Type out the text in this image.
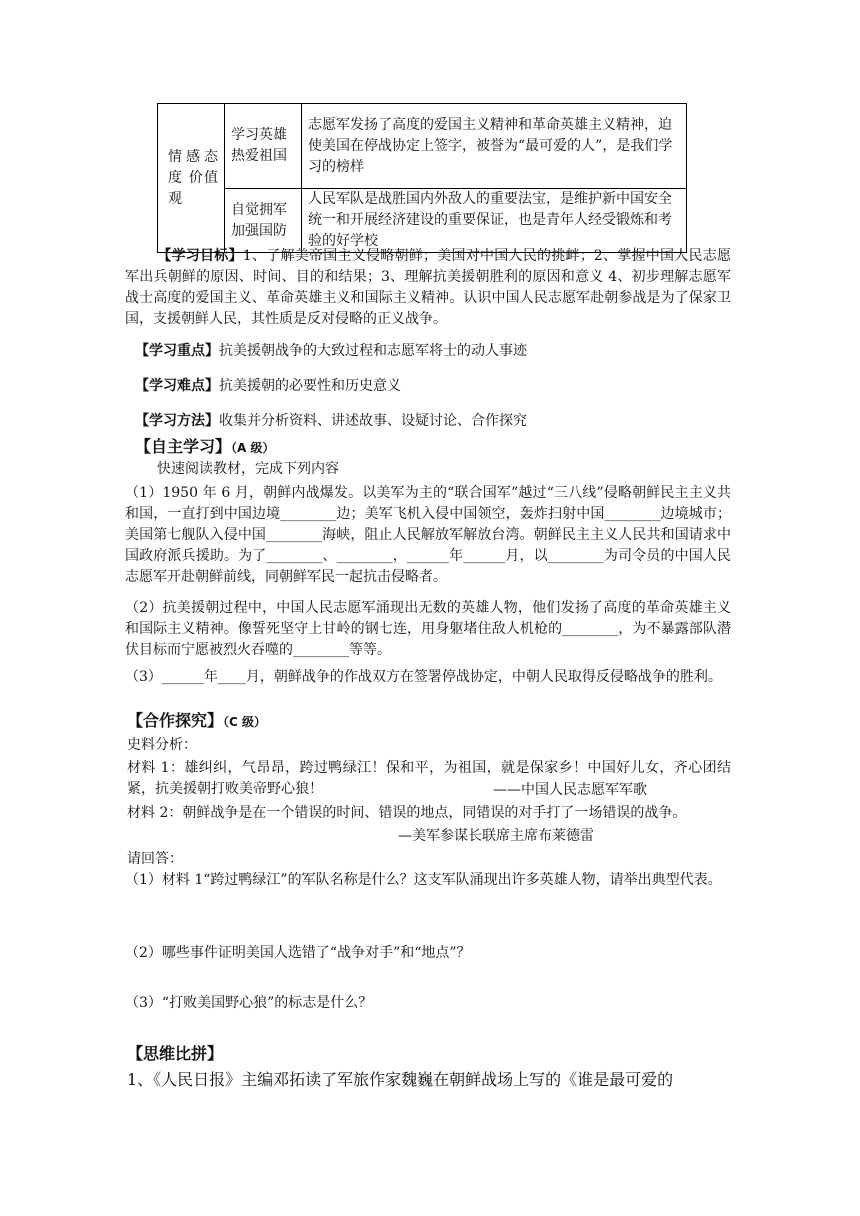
情感态度 价值观	学习英雄热爱祖国	志愿军发扬了高度的爱国主义精神和革命英雄主义精神，迫使美国在停战协定上签字，被誉为“最可爱的人”，是我们学习的榜样
	自觉拥军加强国防	人民军队是战胜国内外敌人的重要法宝，是维护新中国安全统一和开展经济建设的重要保证，也是青年人经受锻炼和考验的好学校
【学习目标】1、了解美帝国主义侵略朝鲜；美国对中国人民的挑衅；2、掌握中国人民志愿军出兵朝鲜的原因、时间、目的和结果；3、理解抗美援朝胜利的原因和意义 4、初步理解志愿军战士高度的爱国主义、革命英雄主义和国际主义精神。认识中国人民志愿军赴朝参战是为了保家卫国，支援朝鲜人民，其性质是反对侵略的正义战争。
【学习重点】抗美援朝战争的大致过程和志愿军将士的动人事迹
【学习难点】抗美援朝的必要性和历史意义
【学习方法】收集并分析资料、讲述故事、设疑讨论、合作探究
【自主学习】（A 级）
快速阅读教材，完成下列内容
（1）1950 年 6 月，朝鲜内战爆发。以美军为主的“联合国军”越过“三八线”侵略朝鲜民主主义共和国，一直打到中国边境________边；美军飞机入侵中国领空，轰炸扫射中国________边境城市；美国第七舰队入侵中国________海峡，阻止人民解放军解放台湾。朝鲜民主主义人民共和国请求中国政府派兵援助。为了________、________，______年______月，以________为司令员的中国人民志愿军开赴朝鲜前线，同朝鲜军民一起抗击侵略者。
（2）抗美援朝过程中，中国人民志愿军涌现出无数的英雄人物，他们发扬了高度的革命英雄主义和国际主义精神。像誓死坚守上甘岭的钢七连，用身躯堵住敌人机枪的________，为不暴露部队潜伏目标而宁愿被烈火吞噬的________等等。
（3）______年____月，朝鲜战争的作战双方在签署停战协定，中朝人民取得反侵略战争的胜利。
【合作探究】（C 级）
史料分析：
材料 1：雄纠纠，气昂昂，跨过鸭绿江！保和平，为祖国，就是保家乡！中国好儿女，齐心团结紧，抗美援朝打败美帝野心狼！	——中国人民志愿军军歌
材料 2：朝鲜战争是在一个错误的时间、错误的地点，同错误的对手打了一场错误的战争。
—美军参谋长联席主席布莱德雷
请回答：
（1）材料 1“跨过鸭绿江”的军队名称是什么？这支军队涌现出许多英雄人物，请举出典型代表。
（2）哪些事件证明美国人选错了“战争对手”和“地点”？
（3）“打败美国野心狼”的标志是什么？
【思维比拼】
1、《人民日报》主编邓拓读了军旅作家魏巍在朝鲜战场上写的《谁是最可爱的
